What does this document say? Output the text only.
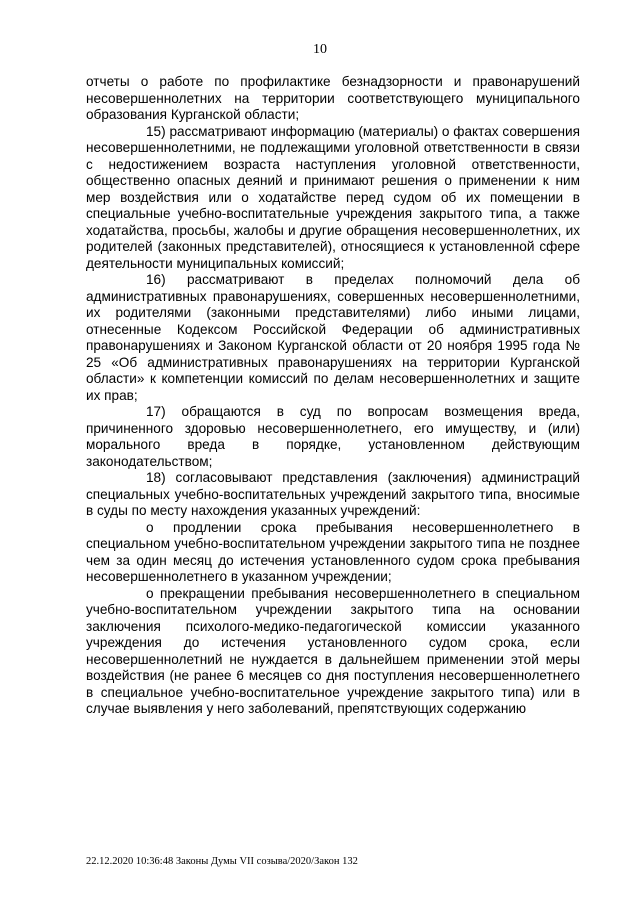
10

отчеты о работе по профилактике безнадзорности и правонарушений несовершеннолетних на территории соответствующего муниципального образования Курганской области;

15) рассматривают информацию (материалы) о фактах совершения несовершеннолетними, не подлежащими уголовной ответственности в связи с недостижением возраста наступления уголовной ответственности, общественно опасных деяний и принимают решения о применении к ним мер воздействия или о ходатайстве перед судом об их помещении в специальные учебно-воспитательные учреждения закрытого типа, а также ходатайства, просьбы, жалобы и другие обращения несовершеннолетних, их родителей (законных представителей), относящиеся к установленной сфере деятельности муниципальных комиссий;

16) рассматривают в пределах полномочий дела об административных правонарушениях, совершенных несовершеннолетними, их родителями (законными представителями) либо иными лицами, отнесенные Кодексом Российской Федерации об административных правонарушениях и Законом Курганской области от 20 ноября 1995 года № 25 «Об административных правонарушениях на территории Курганской области» к компетенции комиссий по делам несовершеннолетних и защите их прав;

17) обращаются в суд по вопросам возмещения вреда, причиненного здоровью несовершеннолетнего, его имуществу, и (или) морального вреда в порядке, установленном действующим законодательством;

18) согласовывают представления (заключения) администраций специальных учебно-воспитательных учреждений закрытого типа, вносимые в суды по месту нахождения указанных учреждений:

о продлении срока пребывания несовершеннолетнего в специальном учебно-воспитательном учреждении закрытого типа не позднее чем за один месяц до истечения установленного судом срока пребывания несовершеннолетнего в указанном учреждении;

о прекращении пребывания несовершеннолетнего в специальном учебно-воспитательном учреждении закрытого типа на основании заключения психолого-медико-педагогической комиссии указанного учреждения до истечения установленного судом срока, если несовершеннолетний не нуждается в дальнейшем применении этой меры воздействия (не ранее 6 месяцев со дня поступления несовершеннолетнего в специальное учебно-воспитательное учреждение закрытого типа) или в случае выявления у него заболеваний, препятствующих содержанию

22.12.2020 10:36:48 Законы Думы VII созыва/2020/Закон 132
